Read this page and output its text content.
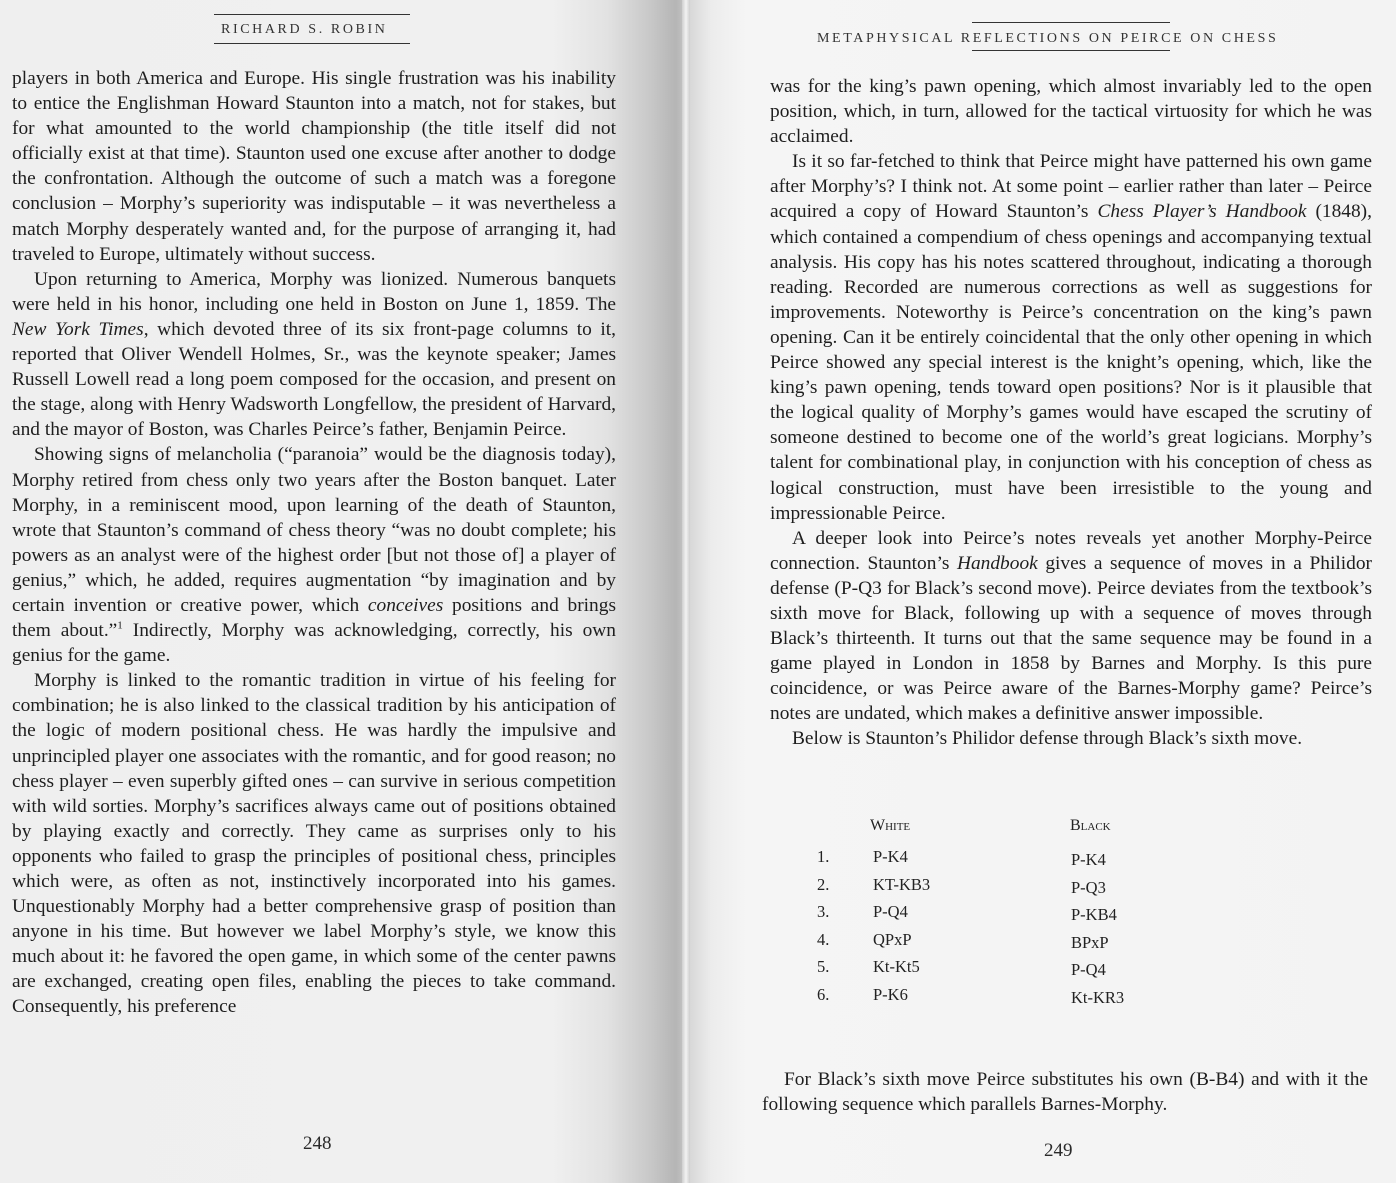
RICHARD S. ROBIN

players in both America and Europe. His single frustration was his inability to entice the Englishman Howard Staunton into a match, not for stakes, but for what amounted to the world championship (the title itself did not officially exist at that time). Staunton used one excuse after another to dodge the confrontation. Although the outcome of such a match was a foregone conclusion – Morphy’s superiority was indisputable – it was nevertheless a match Morphy desperately wanted and, for the purpose of arranging it, had traveled to Europe, ultimately without success.

Upon returning to America, Morphy was lionized. Numerous banquets were held in his honor, including one held in Boston on June 1, 1859. The New York Times, which devoted three of its six front-page columns to it, reported that Oliver Wendell Holmes, Sr., was the keynote speaker; James Russell Lowell read a long poem composed for the occasion, and present on the stage, along with Henry Wadsworth Longfellow, the president of Harvard, and the mayor of Boston, was Charles Peirce’s father, Benjamin Peirce.

Showing signs of melancholia (“paranoia” would be the diagnosis today), Morphy retired from chess only two years after the Boston banquet. Later Morphy, in a reminiscent mood, upon learning of the death of Staunton, wrote that Staunton’s command of chess theory “was no doubt complete; his powers as an analyst were of the highest order [but not those of] a player of genius,” which, he added, requires augmentation “by imagination and by certain invention or creative power, which conceives positions and brings them about.”$^1$ Indirectly, Morphy was acknowledging, correctly, his own genius for the game.

Morphy is linked to the romantic tradition in virtue of his feeling for combination; he is also linked to the classical tradition by his anticipation of the logic of modern positional chess. He was hardly the impulsive and unprincipled player one associates with the romantic, and for good reason; no chess player – even superbly gifted ones – can survive in serious competition with wild sorties. Morphy’s sacrifices always came out of positions obtained by playing exactly and correctly. They came as surprises only to his opponents who failed to grasp the principles of positional chess, principles which were, as often as not, instinctively incorporated into his games. Unquestionably Morphy had a better comprehensive grasp of position than anyone in his time. But however we label Morphy’s style, we know this much about it: he favored the open game, in which some of the center pawns are exchanged, creating open files, enabling the pieces to take command. Consequently, his preference

248
METAPHYSICAL REFLECTIONS ON PEIRCE ON CHESS

was for the king’s pawn opening, which almost invariably led to the open position, which, in turn, allowed for the tactical virtuosity for which he was acclaimed.

Is it so far-fetched to think that Peirce might have patterned his own game after Morphy’s? I think not. At some point – earlier rather than later – Peirce acquired a copy of Howard Staunton’s Chess Player’s Handbook (1848), which contained a compendium of chess openings and accompanying textual analysis. His copy has his notes scattered throughout, indicating a thorough reading. Recorded are numerous corrections as well as suggestions for improvements. Noteworthy is Peirce’s concentration on the king’s pawn opening. Can it be entirely coincidental that the only other opening in which Peirce showed any special interest is the knight’s opening, which, like the king’s pawn opening, tends toward open positions? Nor is it plausible that the logical quality of Morphy’s games would have escaped the scrutiny of someone destined to become one of the world’s great logicians. Morphy’s talent for combinational play, in conjunction with his conception of chess as logical construction, must have been irresistible to the young and impressionable Peirce.

A deeper look into Peirce’s notes reveals yet another Morphy-Peirce connection. Staunton’s Handbook gives a sequence of moves in a Philidor defense (P-Q3 for Black’s second move). Peirce deviates from the textbook’s sixth move for Black, following up with a sequence of moves through Black’s thirteenth. It turns out that the same sequence may be found in a game played in London in 1858 by Barnes and Morphy. Is this pure coincidence, or was Peirce aware of the Barnes-Morphy game? Peirce’s notes are undated, which makes a definitive answer impossible.

Below is Staunton’s Philidor defense through Black’s sixth move.

White	Black
1.	P-K4	P-K4
2.	KT-KB3	P-Q3
3.	P-Q4	P-KB4
4.	QPxP	BPxP
5.	Kt-Kt5	P-Q4
6.	P-K6	Kt-KR3

For Black’s sixth move Peirce substitutes his own (B-B4) and with it the following sequence which parallels Barnes-Morphy.

249
